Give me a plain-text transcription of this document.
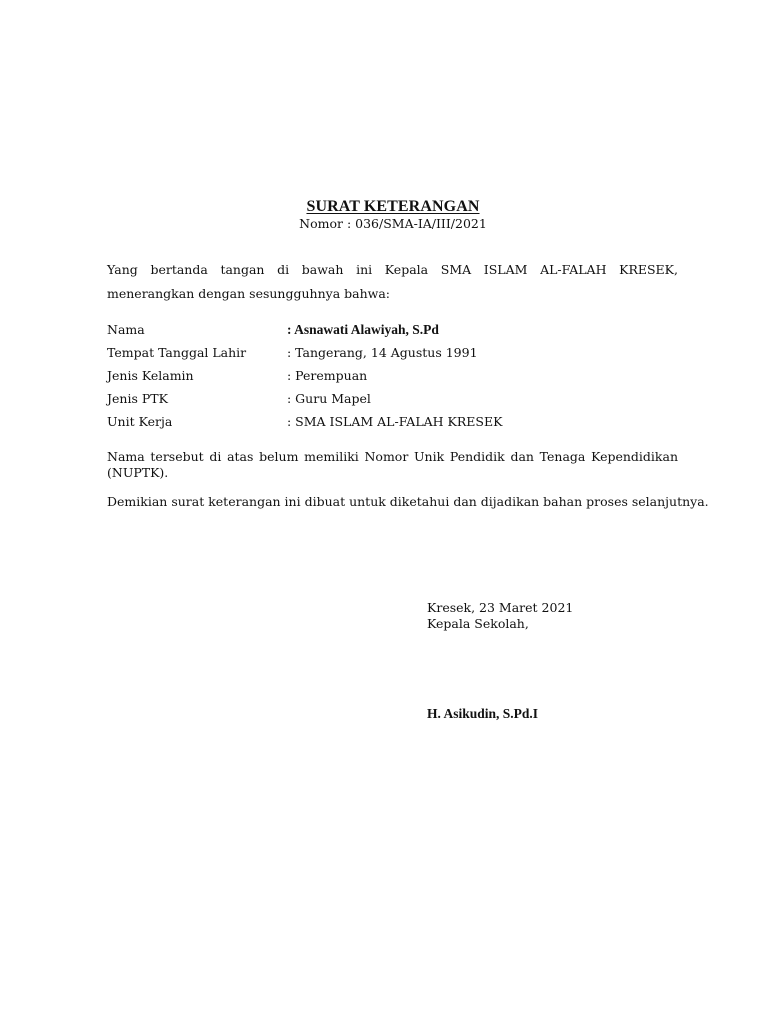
SURAT KETERANGAN
Nomor : 036/SMA-IA/III/2021
Yang bertanda tangan di bawah ini Kepala SMA ISLAM AL-FALAH KRESEK,
menerangkan dengan sesungguhnya bahwa:
Nama	: Asnawati Alawiyah, S.Pd
Tempat Tanggal Lahir	: Tangerang, 14 Agustus 1991
Jenis Kelamin	: Perempuan
Jenis PTK	: Guru Mapel
Unit Kerja	: SMA ISLAM AL-FALAH KRESEK
Nama tersebut di atas belum memiliki Nomor Unik Pendidik dan Tenaga Kependidikan
(NUPTK).
Demikian surat keterangan ini dibuat untuk diketahui dan dijadikan bahan proses selanjutnya.
Kresek, 23 Maret 2021
Kepala Sekolah,
H. Asikudin, S.Pd.I
